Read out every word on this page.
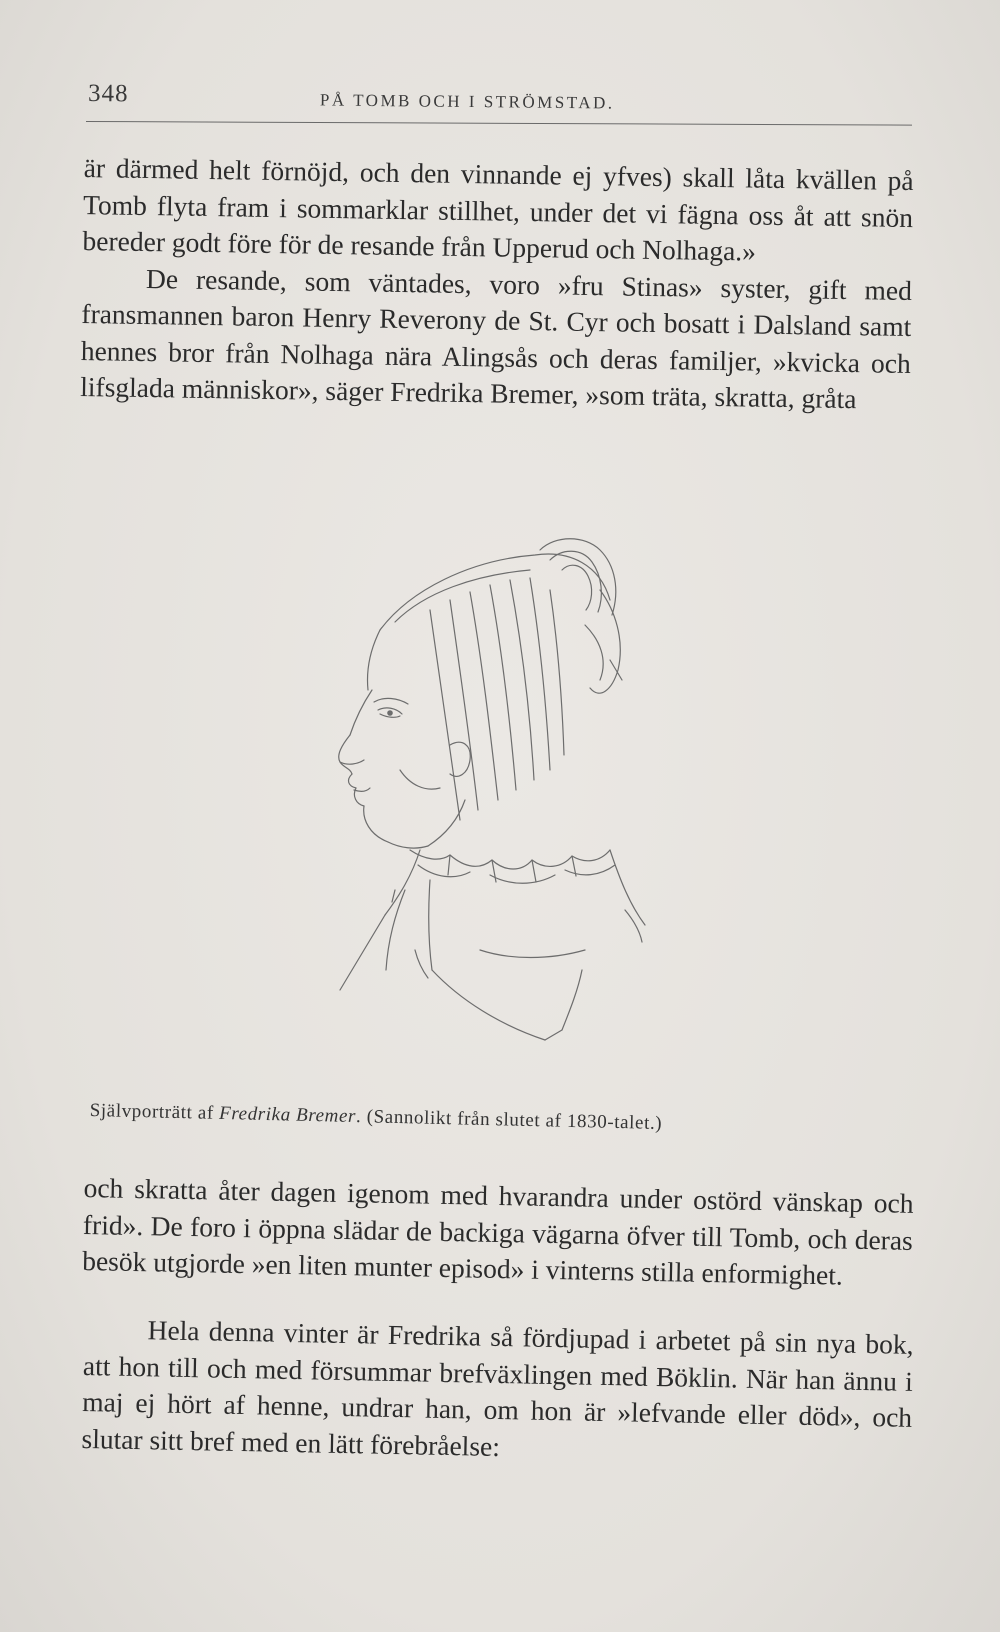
348	PÅ TOMB OCH I STRÖMSTAD.

är därmed helt förnöjd, och den vinnande ej yfves) skall låta kvällen på Tomb flyta fram i sommarklar stillhet, under det vi fägna oss åt att snön bereder godt före för de resande från Upperud och Nolhaga.»

De resande, som väntades, voro »fru Stinas» syster, gift med fransmannen baron Henry Reverony de St. Cyr och bosatt i Dalsland samt hennes bror från Nolhaga nära Alingsås och deras familjer, »kvicka och lifsglada människor», säger Fredrika Bremer, »som träta, skratta, gråta

Självporträtt af Fredrika Bremer. (Sannolikt från slutet af 1830-talet.)

och skratta åter dagen igenom med hvarandra under ostörd vänskap och frid». De foro i öppna slädar de backiga vägarna öfver till Tomb, och deras besök utgjorde »en liten munter episod» i vinterns stilla enformighet.

Hela denna vinter är Fredrika så fördjupad i arbetet på sin nya bok, att hon till och med försummar brefväxlingen med Böklin. När han ännu i maj ej hört af henne, undrar han, om hon är »lefvande eller död», och slutar sitt bref med en lätt förebråelse:
